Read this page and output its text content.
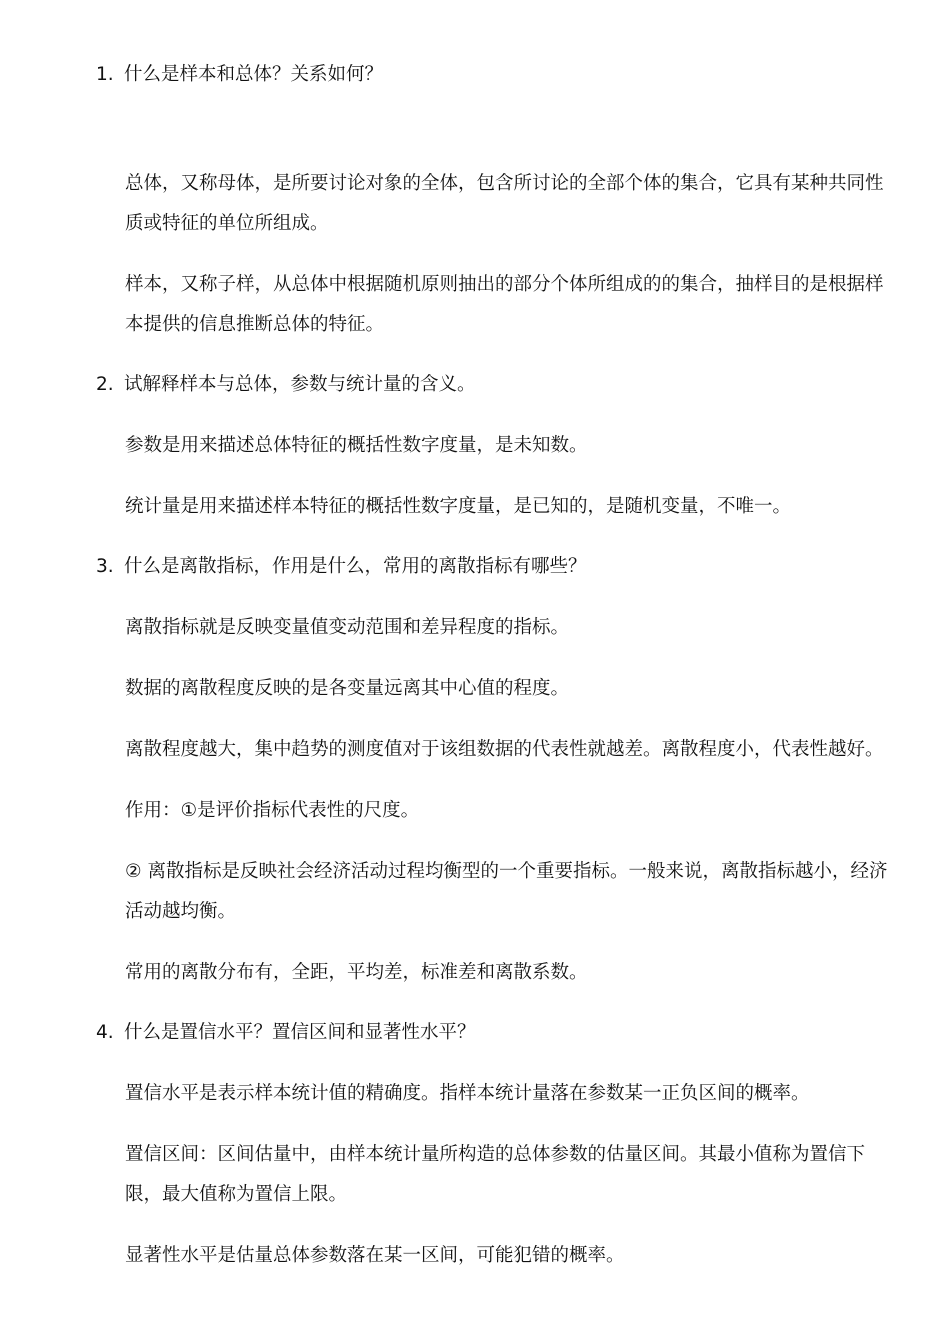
1. 什么是样本和总体？关系如何？
总体，又称母体，是所要讨论对象的全体，包含所讨论的全部个体的集合，它具有某种共同性质或特征的单位所组成。
样本，又称子样，从总体中根据随机原则抽出的部分个体所组成的的集合，抽样目的是根据样本提供的信息推断总体的特征。
2. 试解释样本与总体，参数与统计量的含义。
参数是用来描述总体特征的概括性数字度量，是未知数。
统计量是用来描述样本特征的概括性数字度量，是已知的，是随机变量，不唯一。
3. 什么是离散指标，作用是什么，常用的离散指标有哪些？
离散指标就是反映变量值变动范围和差异程度的指标。
数据的离散程度反映的是各变量远离其中心值的程度。
离散程度越大，集中趋势的测度值对于该组数据的代表性就越差。离散程度小，代表性越好。
作用：①是评价指标代表性的尺度。
② 离散指标是反映社会经济活动过程均衡型的一个重要指标。一般来说，离散指标越小，经济活动越均衡。
常用的离散分布有，全距，平均差，标准差和离散系数。
4. 什么是置信水平？置信区间和显著性水平？
置信水平是表示样本统计值的精确度。指样本统计量落在参数某一正负区间的概率。
置信区间：区间估量中，由样本统计量所构造的总体参数的估量区间。其最小值称为置信下限，最大值称为置信上限。
显著性水平是估量总体参数落在某一区间，可能犯错的概率。
